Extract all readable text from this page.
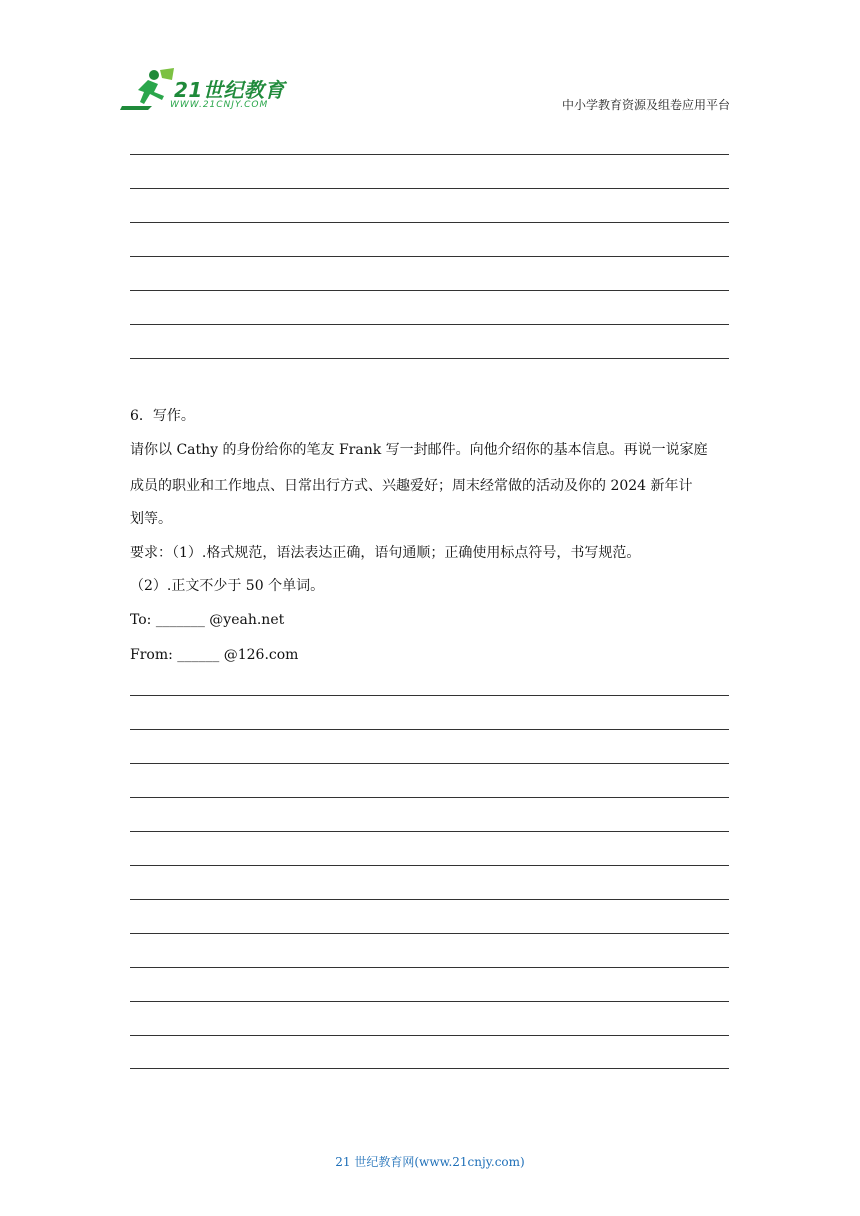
21世纪教育
WWW.21CNJY.COM	中小学教育资源及组卷应用平台
6．写作。
请你以 Cathy 的身份给你的笔友 Frank 写一封邮件。向他介绍你的基本信息。再说一说家庭
成员的职业和工作地点、日常出行方式、兴趣爱好；周末经常做的活动及你的 2024 新年计
划等。
要求：（1）.格式规范，语法表达正确，语句通顺；正确使用标点符号，书写规范。
（2）.正文不少于 50 个单词。
To: _______ @yeah.net
From: ______ @126.com
21 世纪教育网(www.21cnjy.com)
